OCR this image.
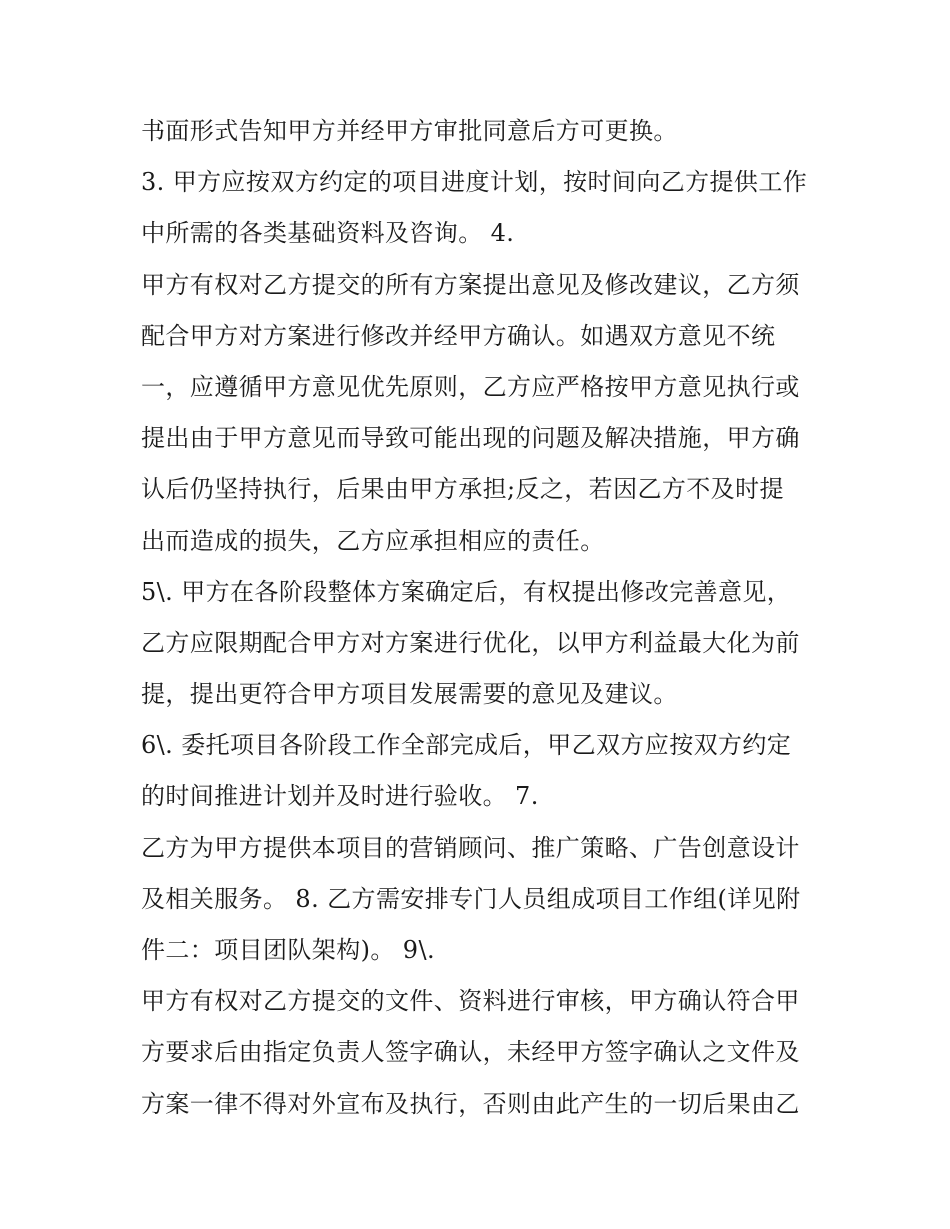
书面形式告知甲方并经甲方审批同意后方可更换。
3. 甲方应按双方约定的项目进度计划，按时间向乙方提供工作
中所需的各类基础资料及咨询。 4.
甲方有权对乙方提交的所有方案提出意见及修改建议，乙方须
配合甲方对方案进行修改并经甲方确认。如遇双方意见不统
一，应遵循甲方意见优先原则，乙方应严格按甲方意见执行或
提出由于甲方意见而导致可能出现的问题及解决措施，甲方确
认后仍坚持执行，后果由甲方承担;反之，若因乙方不及时提
出而造成的损失，乙方应承担相应的责任。
5\. 甲方在各阶段整体方案确定后，有权提出修改完善意见，
乙方应限期配合甲方对方案进行优化，以甲方利益最大化为前
提，提出更符合甲方项目发展需要的意见及建议。
6\. 委托项目各阶段工作全部完成后，甲乙双方应按双方约定
的时间推进计划并及时进行验收。 7.
乙方为甲方提供本项目的营销顾问、推广策略、广告创意设计
及相关服务。 8. 乙方需安排专门人员组成项目工作组(详见附
件二：项目团队架构)。 9\.
甲方有权对乙方提交的文件、资料进行审核，甲方确认符合甲
方要求后由指定负责人签字确认，未经甲方签字确认之文件及
方案一律不得对外宣布及执行，否则由此产生的一切后果由乙
